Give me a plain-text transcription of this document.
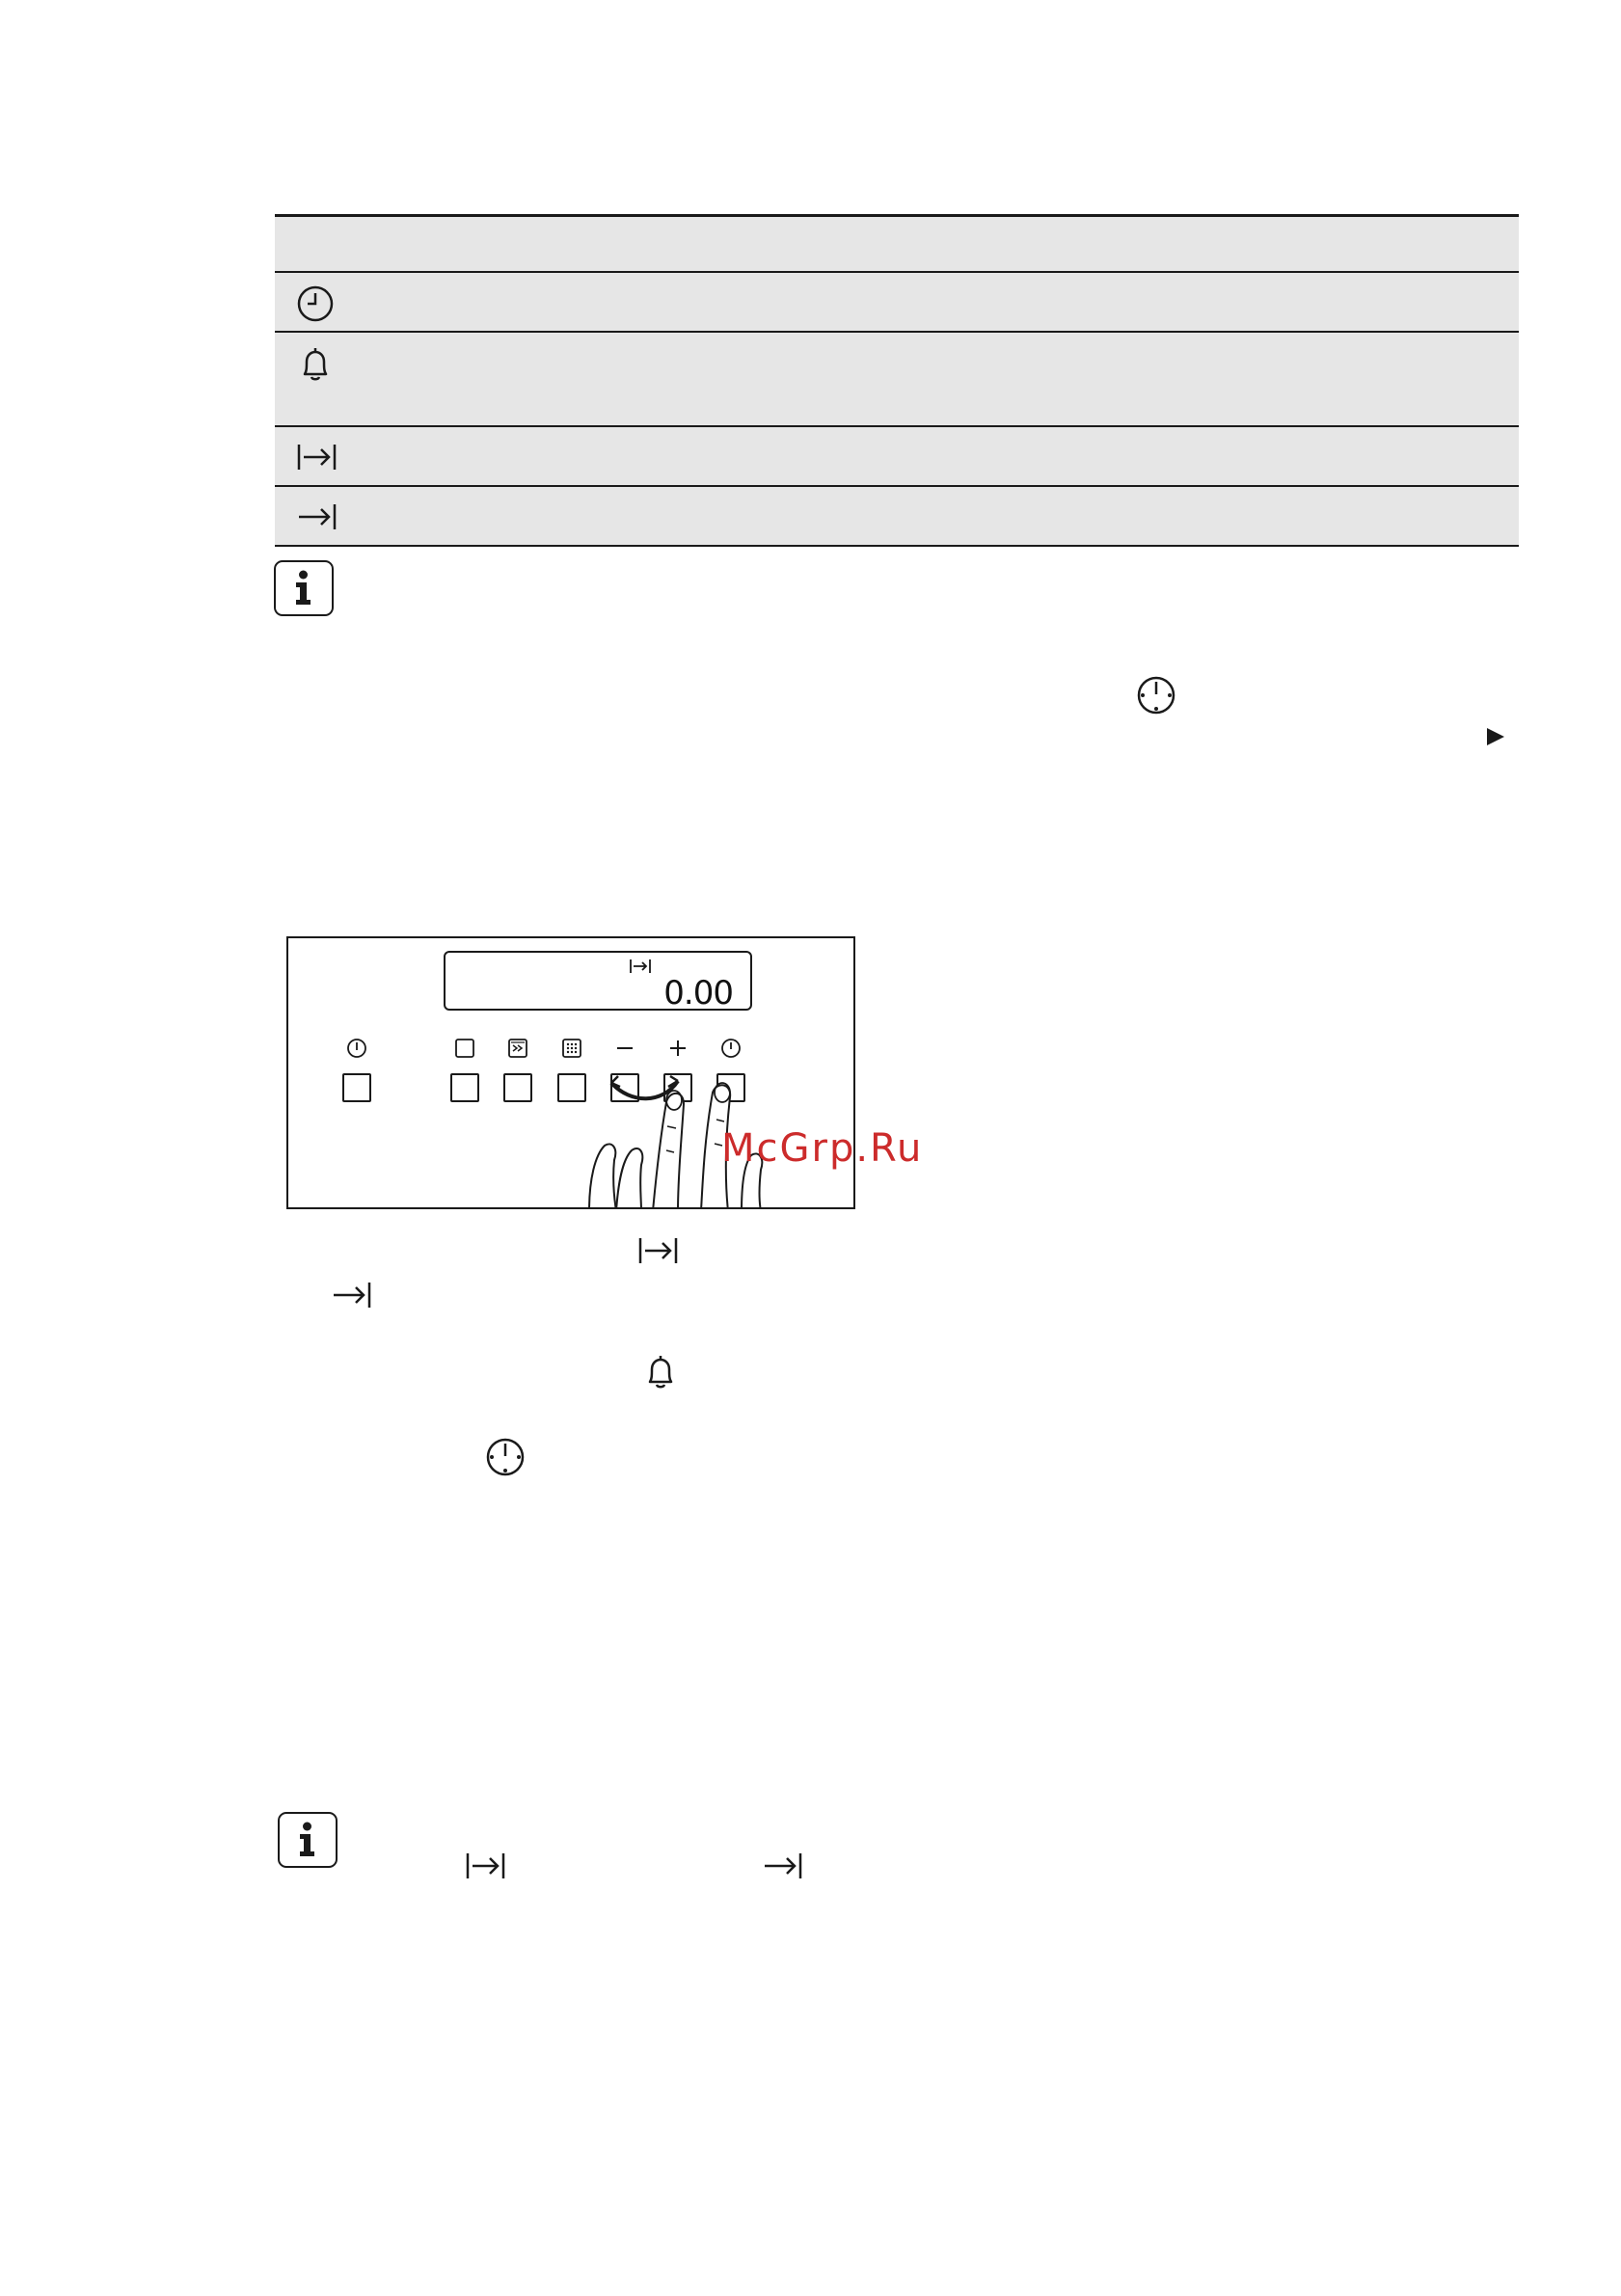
0.00
McGrp.Ru
